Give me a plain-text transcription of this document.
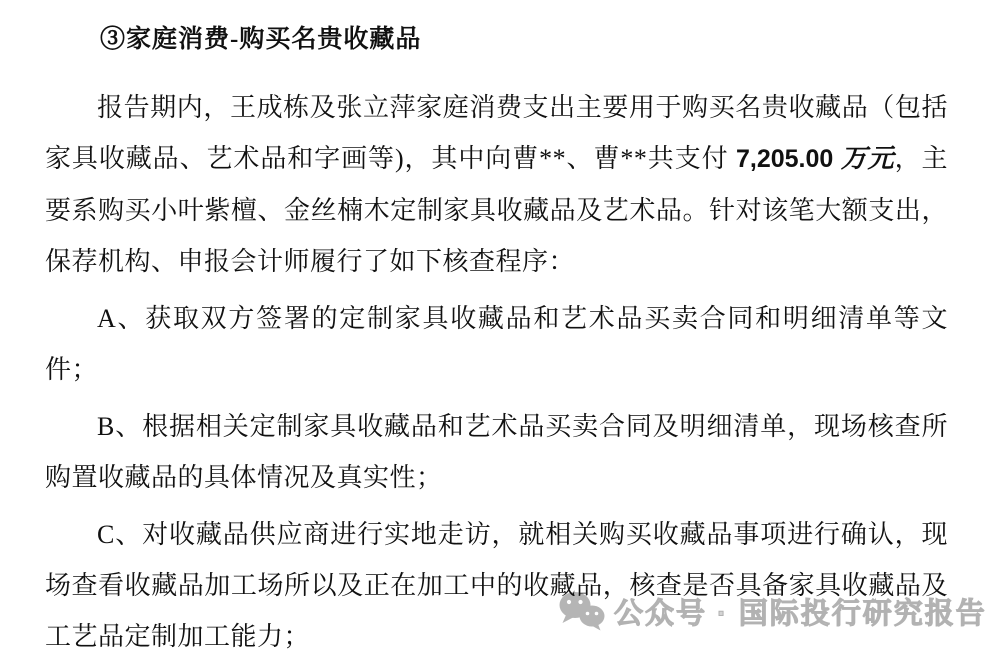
公众号 · 国际投行研究报告
③家庭消费-购买名贵收藏品

报告期内，王成栋及张立萍家庭消费支出主要用于购买名贵收藏品（包括家具收藏品、艺术品和字画等)，其中向曹**、曹**共支付 7,205.00 万元，主要系购买小叶紫檀、金丝楠木定制家具收藏品及艺术品。针对该笔大额支出，保荐机构、申报会计师履行了如下核查程序：

A、获取双方签署的定制家具收藏品和艺术品买卖合同和明细清单等文件；

B、根据相关定制家具收藏品和艺术品买卖合同及明细清单，现场核查所购置收藏品的具体情况及真实性；

C、对收藏品供应商进行实地走访，就相关购买收藏品事项进行确认，现场查看收藏品加工场所以及正在加工中的收藏品，核查是否具备家具收藏品及工艺品定制加工能力；
